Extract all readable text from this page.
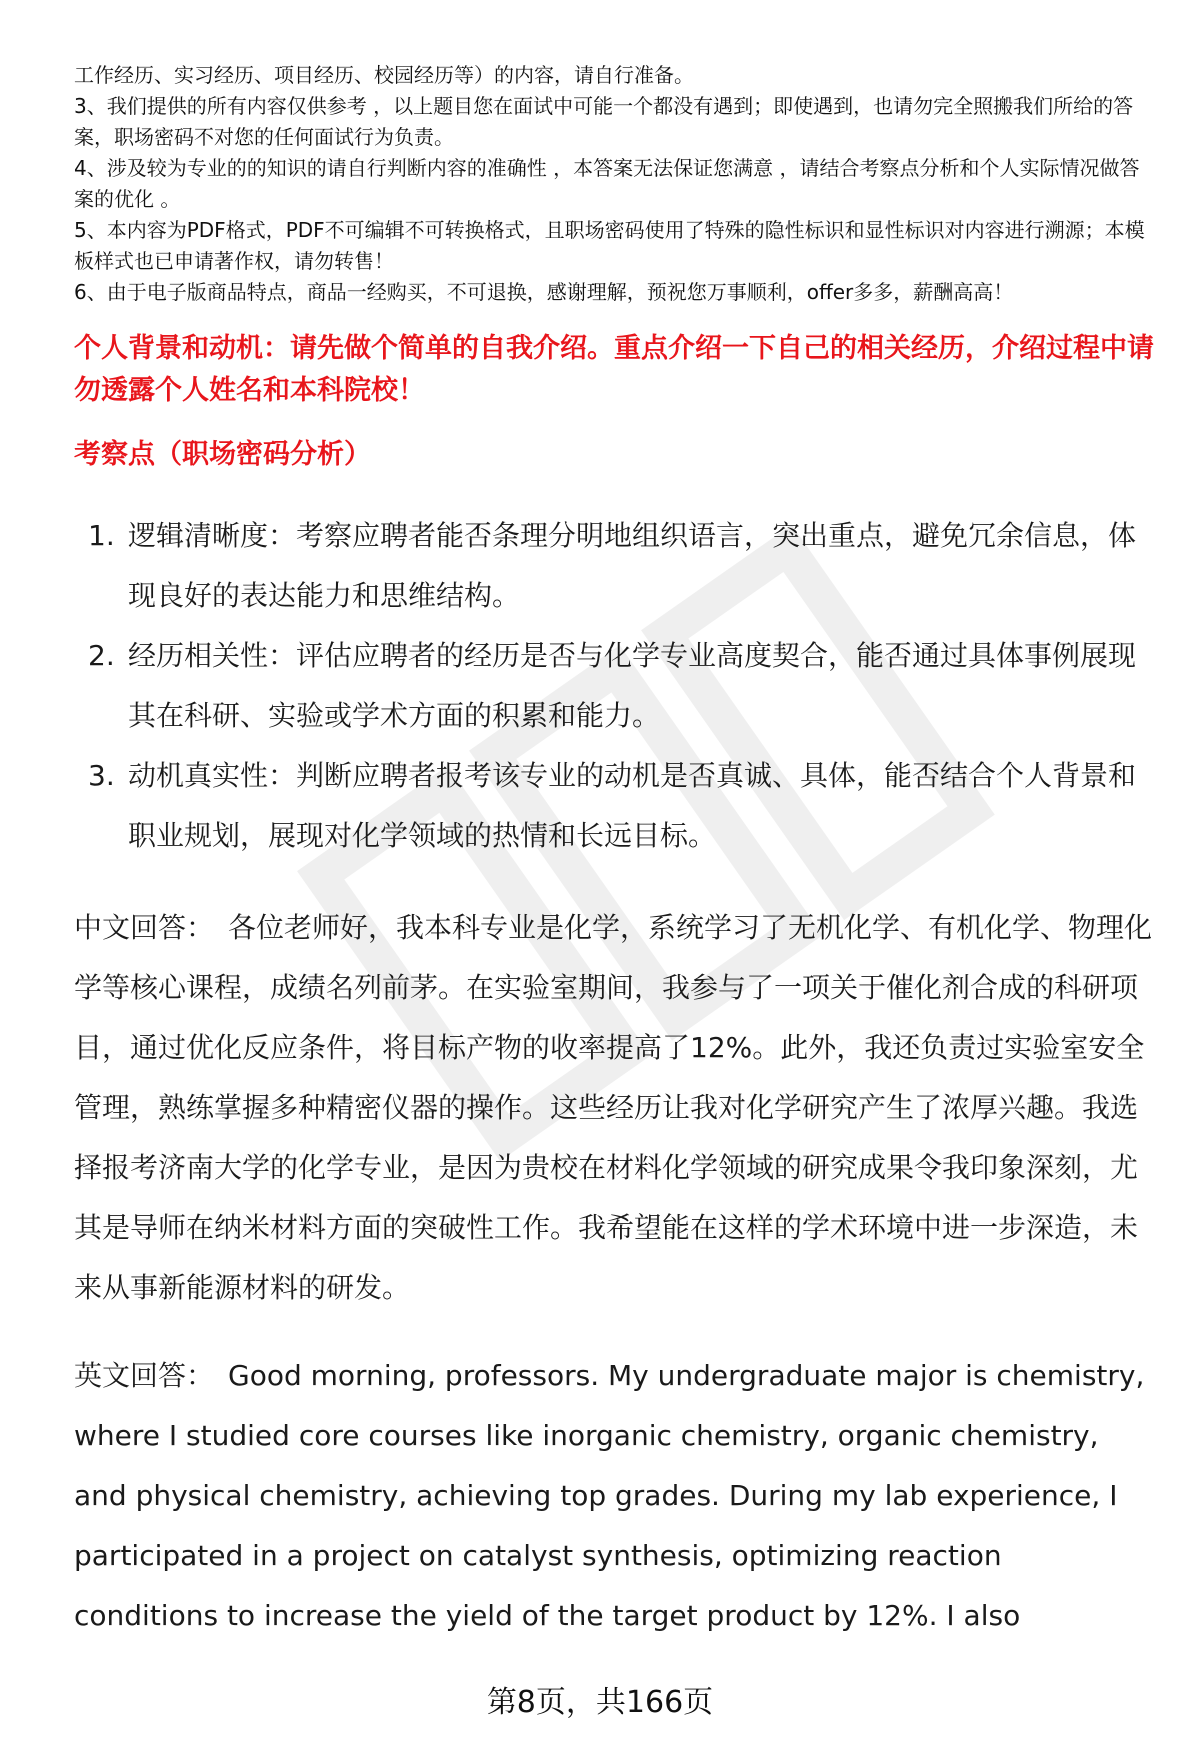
工作经历、实习经历、项目经历、校园经历等）的内容，请自行准备。

3、我们提供的所有内容仅供参考 ，以上题目您在面试中可能一个都没有遇到；即使遇到，也请勿完全照搬我们所给的答案，职场密码不对您的任何面试行为负责。

4、涉及较为专业的的知识的请自行判断内容的准确性 ，本答案无法保证您满意 ，请结合考察点分析和个人实际情况做答案的优化 。

5、本内容为PDF格式，PDF不可编辑不可转换格式，且职场密码使用了特殊的隐性标识和显性标识对内容进行溯源；本模板样式也已申请著作权，请勿转售！

6、由于电子版商品特点，商品一经购买，不可退换，感谢理解，预祝您万事顺利，offer多多，薪酬高高！

个人背景和动机：请先做个简单的自我介绍。重点介绍一下自己的相关经历，介绍过程中请勿透露个人姓名和本科院校！
考察点（职场密码分析）
1. 逻辑清晰度：考察应聘者能否条理分明地组织语言，突出重点，避免冗余信息，体现良好的表达能力和思维结构。
2. 经历相关性：评估应聘者的经历是否与化学专业高度契合，能否通过具体事例展现其在科研、实验或学术方面的积累和能力。
3. 动机真实性：判断应聘者报考该专业的动机是否真诚、具体，能否结合个人背景和职业规划，展现对化学领域的热情和长远目标。

中文回答： 各位老师好，我本科专业是化学，系统学习了无机化学、有机化学、物理化学等核心课程，成绩名列前茅。在实验室期间，我参与了一项关于催化剂合成的科研项目，通过优化反应条件，将目标产物的收率提高了12%。此外，我还负责过实验室安全管理，熟练掌握多种精密仪器的操作。这些经历让我对化学研究产生了浓厚兴趣。我选择报考济南大学的化学专业，是因为贵校在材料化学领域的研究成果令我印象深刻，尤其是导师在纳米材料方面的突破性工作。我希望能在这样的学术环境中进一步深造，未来从事新能源材料的研发。

英文回答： Good morning, professors. My undergraduate major is chemistry, where I studied core courses like inorganic chemistry, organic chemistry, and physical chemistry, achieving top grades. During my lab experience, I participated in a project on catalyst synthesis, optimizing reaction conditions to increase the yield of the target product by 12%. I also

第8页，共166页
